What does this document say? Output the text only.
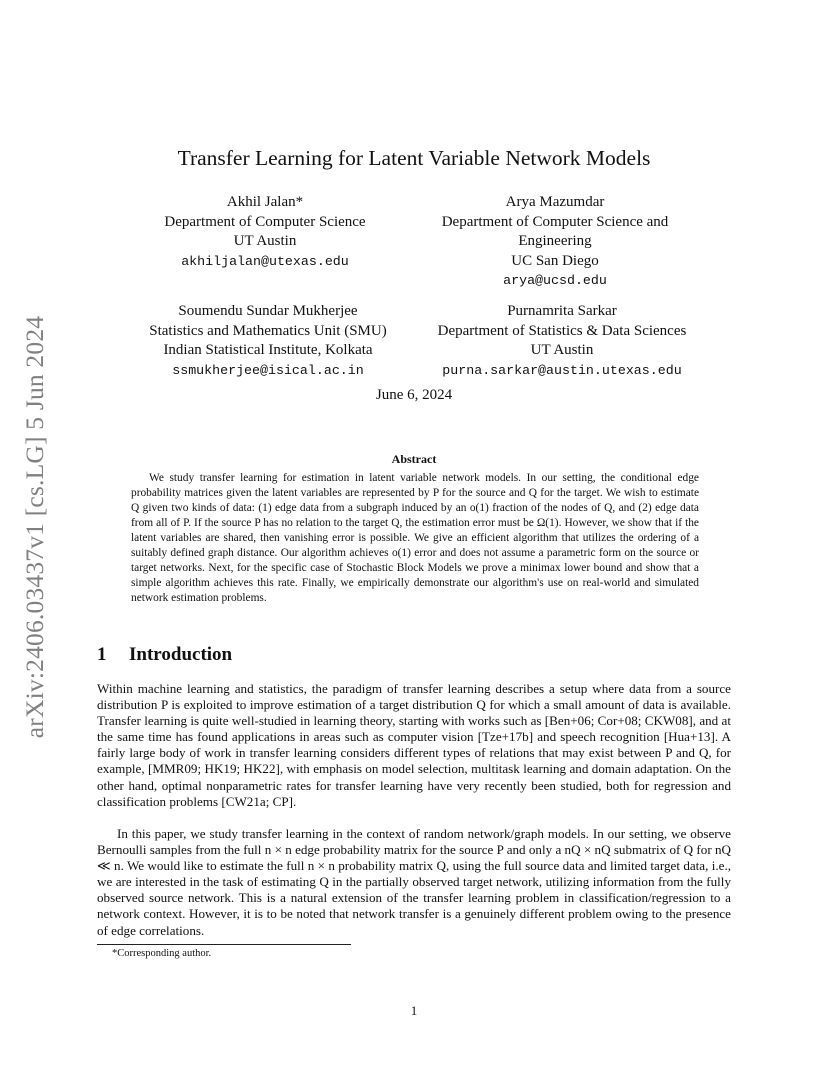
arXiv:2406.03437v1 [cs.LG] 5 Jun 2024
Transfer Learning for Latent Variable Network Models
Akhil Jalan*
Department of Computer Science
UT Austin
akhiljalan@utexas.edu
Arya Mazumdar
Department of Computer Science and
Engineering
UC San Diego
arya@ucsd.edu
Soumendu Sundar Mukherjee
Statistics and Mathematics Unit (SMU)
Indian Statistical Institute, Kolkata
ssmukherjee@isical.ac.in
Purnamrita Sarkar
Department of Statistics & Data Sciences
UT Austin
purna.sarkar@austin.utexas.edu
June 6, 2024
Abstract
We study transfer learning for estimation in latent variable network models. In our setting, the conditional edge probability matrices given the latent variables are represented by P for the source and Q for the target. We wish to estimate Q given two kinds of data: (1) edge data from a subgraph induced by an o(1) fraction of the nodes of Q, and (2) edge data from all of P. If the source P has no relation to the target Q, the estimation error must be Ω(1). However, we show that if the latent variables are shared, then vanishing error is possible. We give an efficient algorithm that utilizes the ordering of a suitably defined graph distance. Our algorithm achieves o(1) error and does not assume a parametric form on the source or target networks. Next, for the specific case of Stochastic Block Models we prove a minimax lower bound and show that a simple algorithm achieves this rate. Finally, we empirically demonstrate our algorithm's use on real-world and simulated network estimation problems.
1 Introduction
Within machine learning and statistics, the paradigm of transfer learning describes a setup where data from a source distribution P is exploited to improve estimation of a target distribution Q for which a small amount of data is available. Transfer learning is quite well-studied in learning theory, starting with works such as [Ben+06; Cor+08; CKW08], and at the same time has found applications in areas such as computer vision [Tze+17b] and speech recognition [Hua+13]. A fairly large body of work in transfer learning considers different types of relations that may exist between P and Q, for example, [MMR09; HK19; HK22], with emphasis on model selection, multitask learning and domain adaptation. On the other hand, optimal nonparametric rates for transfer learning have very recently been studied, both for regression and classification problems [CW21a; CP].
In this paper, we study transfer learning in the context of random network/graph models. In our setting, we observe Bernoulli samples from the full n × n edge probability matrix for the source P and only a nQ × nQ submatrix of Q for nQ ≪ n. We would like to estimate the full n × n probability matrix Q, using the full source data and limited target data, i.e., we are interested in the task of estimating Q in the partially observed target network, utilizing information from the fully observed source network. This is a natural extension of the transfer learning problem in classification/regression to a network context. However, it is to be noted that network transfer is a genuinely different problem owing to the presence of edge correlations.
*Corresponding author.
1
